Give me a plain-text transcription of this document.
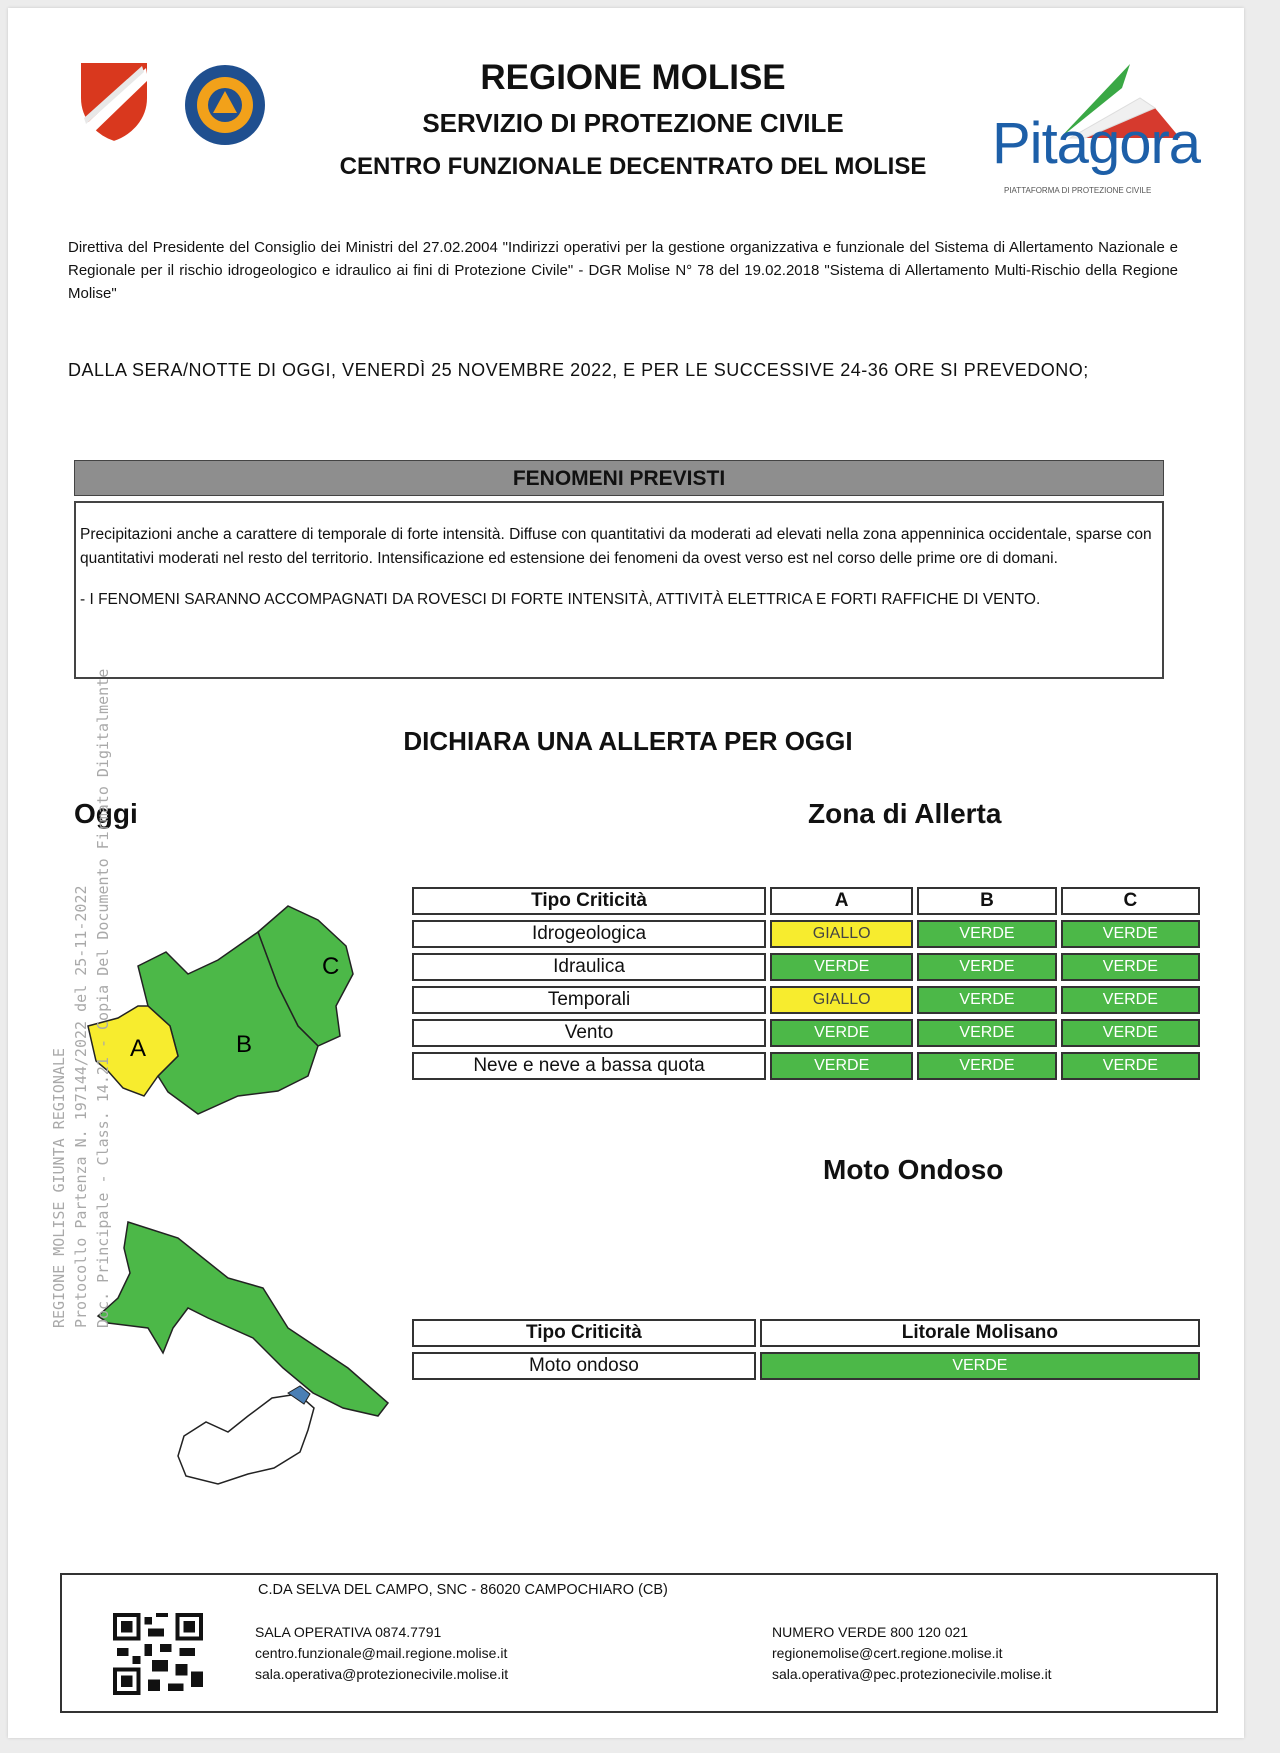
REGIONE MOLISE
SERVIZIO DI PROTEZIONE CIVILE
CENTRO FUNZIONALE DECENTRATO DEL MOLISE	Pitagora
PIATTAFORMA DI PROTEZIONE CIVILE
Direttiva del Presidente del Consiglio dei Ministri del 27.02.2004 "Indirizzi operativi per la gestione organizzativa e funzionale del Sistema di Allertamento Nazionale e Regionale per il rischio idrogeologico e idraulico ai fini di Protezione Civile" - DGR Molise N° 78 del 19.02.2018 "Sistema di Allertamento Multi-Rischio della Regione Molise"
DALLA SERA/NOTTE DI OGGI, VENERDÌ 25 NOVEMBRE 2022, E PER LE SUCCESSIVE 24-36 ORE SI PREVEDONO;
FENOMENI PREVISTI

Precipitazioni anche a carattere di temporale di forte intensità. Diffuse con quantitativi da moderati ad elevati nella zona appenninica occidentale, sparse con quantitativi moderati nel resto del territorio. Intensificazione ed estensione dei fenomeni da ovest verso est nel corso delle prime ore di domani.

- I FENOMENI SARANNO ACCOMPAGNATI DA ROVESCI DI FORTE INTENSITÀ, ATTIVITÀ ELETTRICA E FORTI RAFFICHE DI VENTO.

DICHIARA UNA ALLERTA PER OGGI
Oggi	Zona di Allerta
A	B
C
Tipo Criticità	A	B	C
Idrogeologica	GIALLO	VERDE	VERDE
Idraulica	VERDE	VERDE	VERDE
Temporali	GIALLO	VERDE	VERDE
Vento	VERDE	VERDE	VERDE
Neve e neve a bassa quota	VERDE	VERDE	VERDE
Moto Ondoso
Tipo Criticità	Litorale Molisano
Moto ondoso	VERDE
REGIONE MOLISE GIUNTA REGIONALE Protocollo Partenza N. 197144/2022 del 25-11-2022 Doc. Principale - Class. 14.21 - Copia Del Documento Firmato Digitalmente
C.DA SELVA DEL CAMPO, SNC - 86020 CAMPOCHIARO (CB)
SALA OPERATIVA 0874.7791
centro.funzionale@mail.regione.molise.it
sala.operativa@protezionecivile.molise.it
NUMERO VERDE 800 120 021
regionemolise@cert.regione.molise.it
sala.operativa@pec.protezionecivile.molise.it
